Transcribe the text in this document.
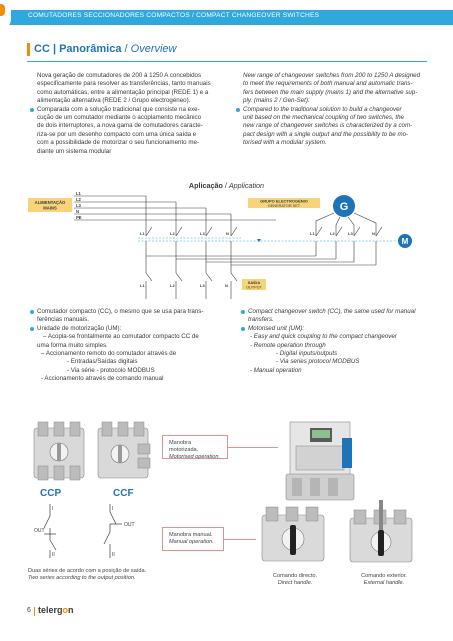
COMUTADORES SECCIONADORES COMPACTOS / COMPACT CHANGEOVER SWITCHES
CC | Panorâmica / Overview
Nova geração de comutadores de 200 à 1250 A concebidos
especificamente para resolver as transferências, tanto manuais
como automáticas, entre a alimentação principal (REDE 1) e a
alimentação alternativa (REDE 2 / Grupo electrogéneo).
Comparada com a solução tradicional que consiste na exe-
cução de um comutador mediante o acoplamento mecânico
de dois interruptores, a nova gama de comutadores caracte-
riza-se por um desenho compacto com uma única saída e
com a possibilidade de motorizar o seu funcionamento me-
diante um sistema modular
New range of changeover switches from 200 to 1250 A designed
to meet the requirements of both manual and automatic trans-
fers between the main supply (mains 1) and the alternative sup-
ply. (mains 2 / Gen-Set).
Compared to the traditional solution to build a changeover
unit based on the mechanical coupling of two switches, the
new range of changeover switches is characterized by a com-
pact design with a single output and the possibility to be mo-
torised with a modular system.
Aplicação / Application
ALIMENTAÇÃO
MAINS
L1
L2
L3
N
PE
L1	L2	L3	N
GRUPO ELECTROGÉNIO
GENERATOR SET	G
L1	L2	L3	N
M
L1	L2	L3	N
SAÍDA
OUTPUT
Comutador compacto (CC), o mesmo que se usa para trans-
ferências manuais.
Unidade de motorização (UM):
– Acopla-se frontalmente ao comutador compacto CC de
uma forma muito simples.
– Accionamento remoto do comutador através de
- Entradas/Saídas digitais
- Via série - protocolo MODBUS
- Accionamento através de comando manual
Compact changeover switch (CC), the same used for manual
transfers.
Motorised unit (UM):
- Easy and quick coupling to the compact changeover
- Remote operation through
- Digital inputs/outputs
- Via series protocol MODBUS
- Manual operation
CCP	CCF
OUT
I
II
OUT
I
II
Duas séries de acordo com a posição de saída.
Two series according to the output position.
Manobra motorizada.
Motorised operation.
Manobra manual.
Manual operation.
Comando directo.
Direct handle.
Comando exterior.
External handle.
6 telergon
